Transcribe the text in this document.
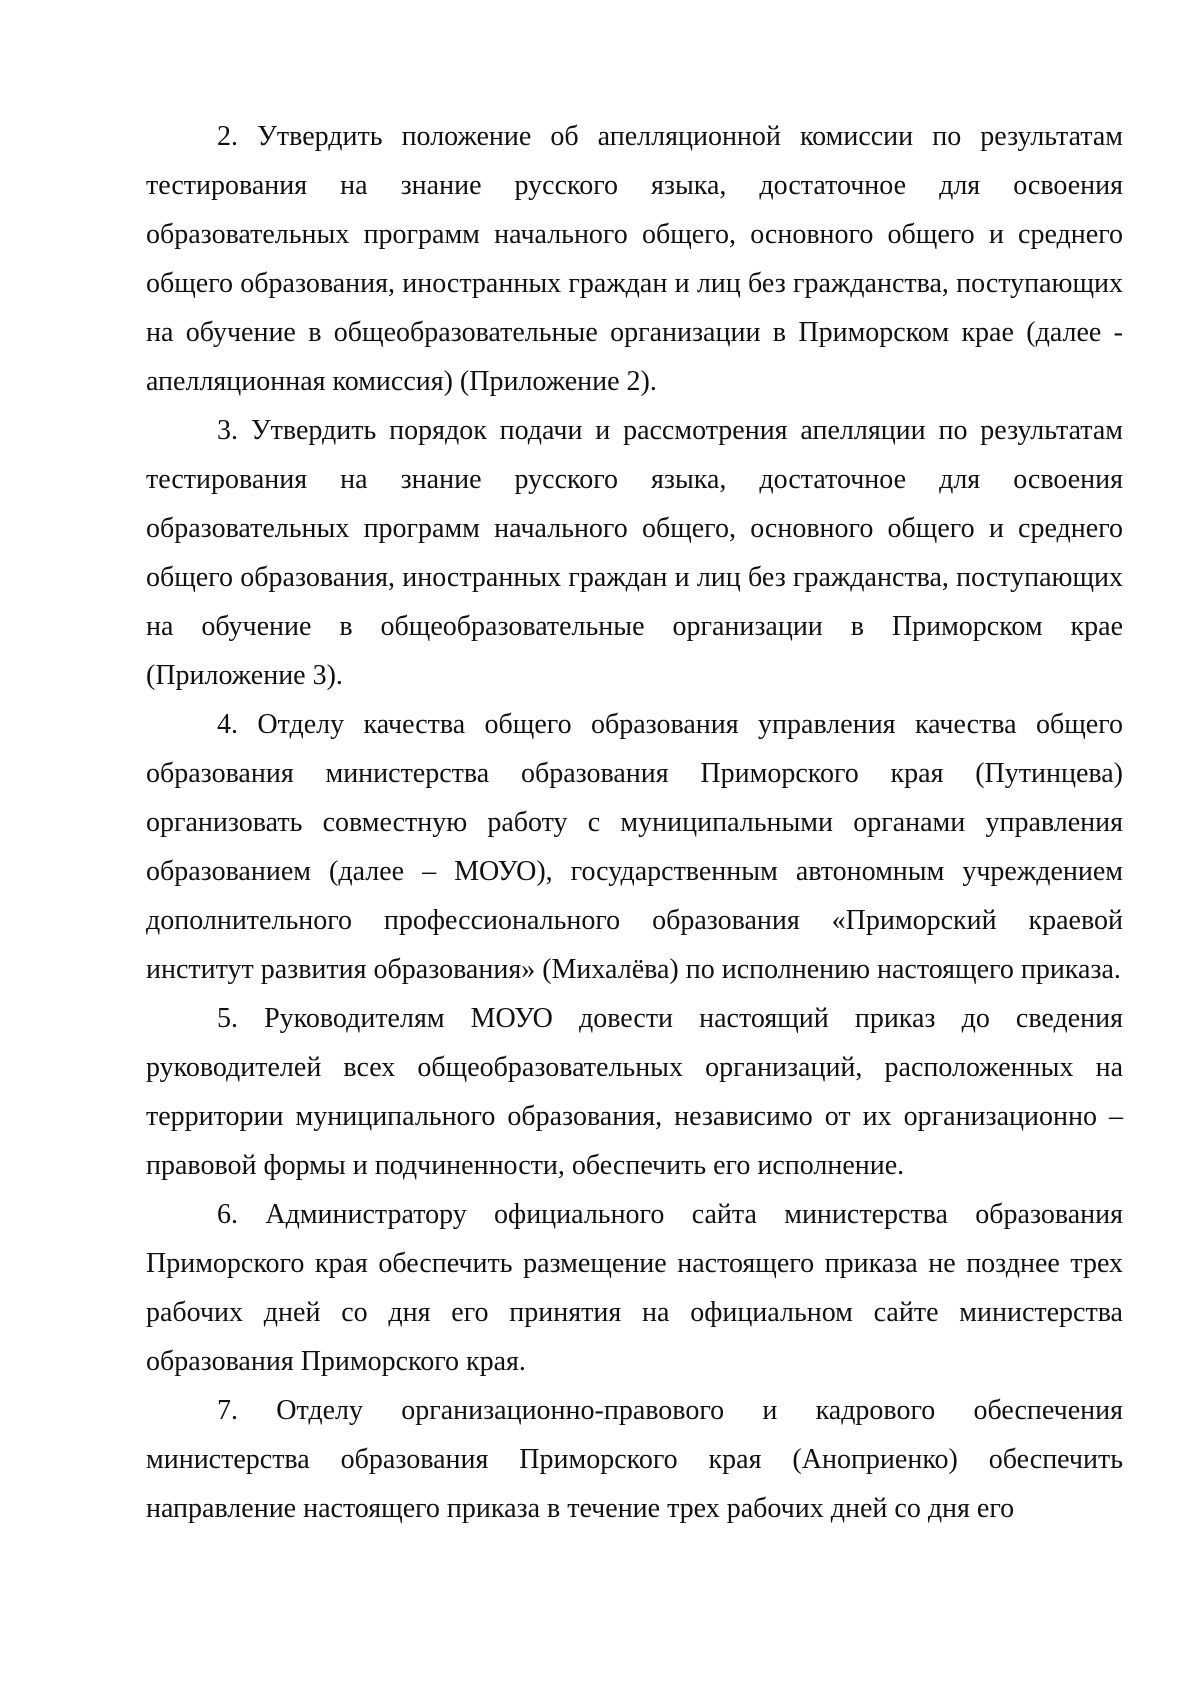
2. Утвердить положение об апелляционной комиссии по результатам тестирования на знание русского языка, достаточное для освоения образовательных программ начального общего, основного общего и среднего общего образования, иностранных граждан и лиц без гражданства, поступающих на обучение в общеобразовательные организации в Приморском крае (далее - апелляционная комиссия) (Приложение 2).

3. Утвердить порядок подачи и рассмотрения апелляции по результатам тестирования на знание русского языка, достаточное для освоения образовательных программ начального общего, основного общего и среднего общего образования, иностранных граждан и лиц без гражданства, поступающих на обучение в общеобразовательные организации в Приморском крае (Приложение 3).

4. Отделу качества общего образования управления качества общего образования министерства образования Приморского края (Путинцева) организовать совместную работу с муниципальными органами управления образованием (далее – МОУО), государственным автономным учреждением дополнительного профессионального образования «Приморский краевой институт развития образования» (Михалёва) по исполнению настоящего приказа.

5. Руководителям МОУО довести настоящий приказ до сведения руководителей всех общеобразовательных организаций, расположенных на территории муниципального образования, независимо от их организационно – правовой формы и подчиненности, обеспечить его исполнение.

6. Администратору официального сайта министерства образования Приморского края обеспечить размещение настоящего приказа не позднее трех рабочих дней со дня его принятия на официальном сайте министерства образования Приморского края.

7. Отделу организационно-правового и кадрового обеспечения министерства образования Приморского края (Аноприенко) обеспечить направление настоящего приказа в течение трех рабочих дней со дня его
